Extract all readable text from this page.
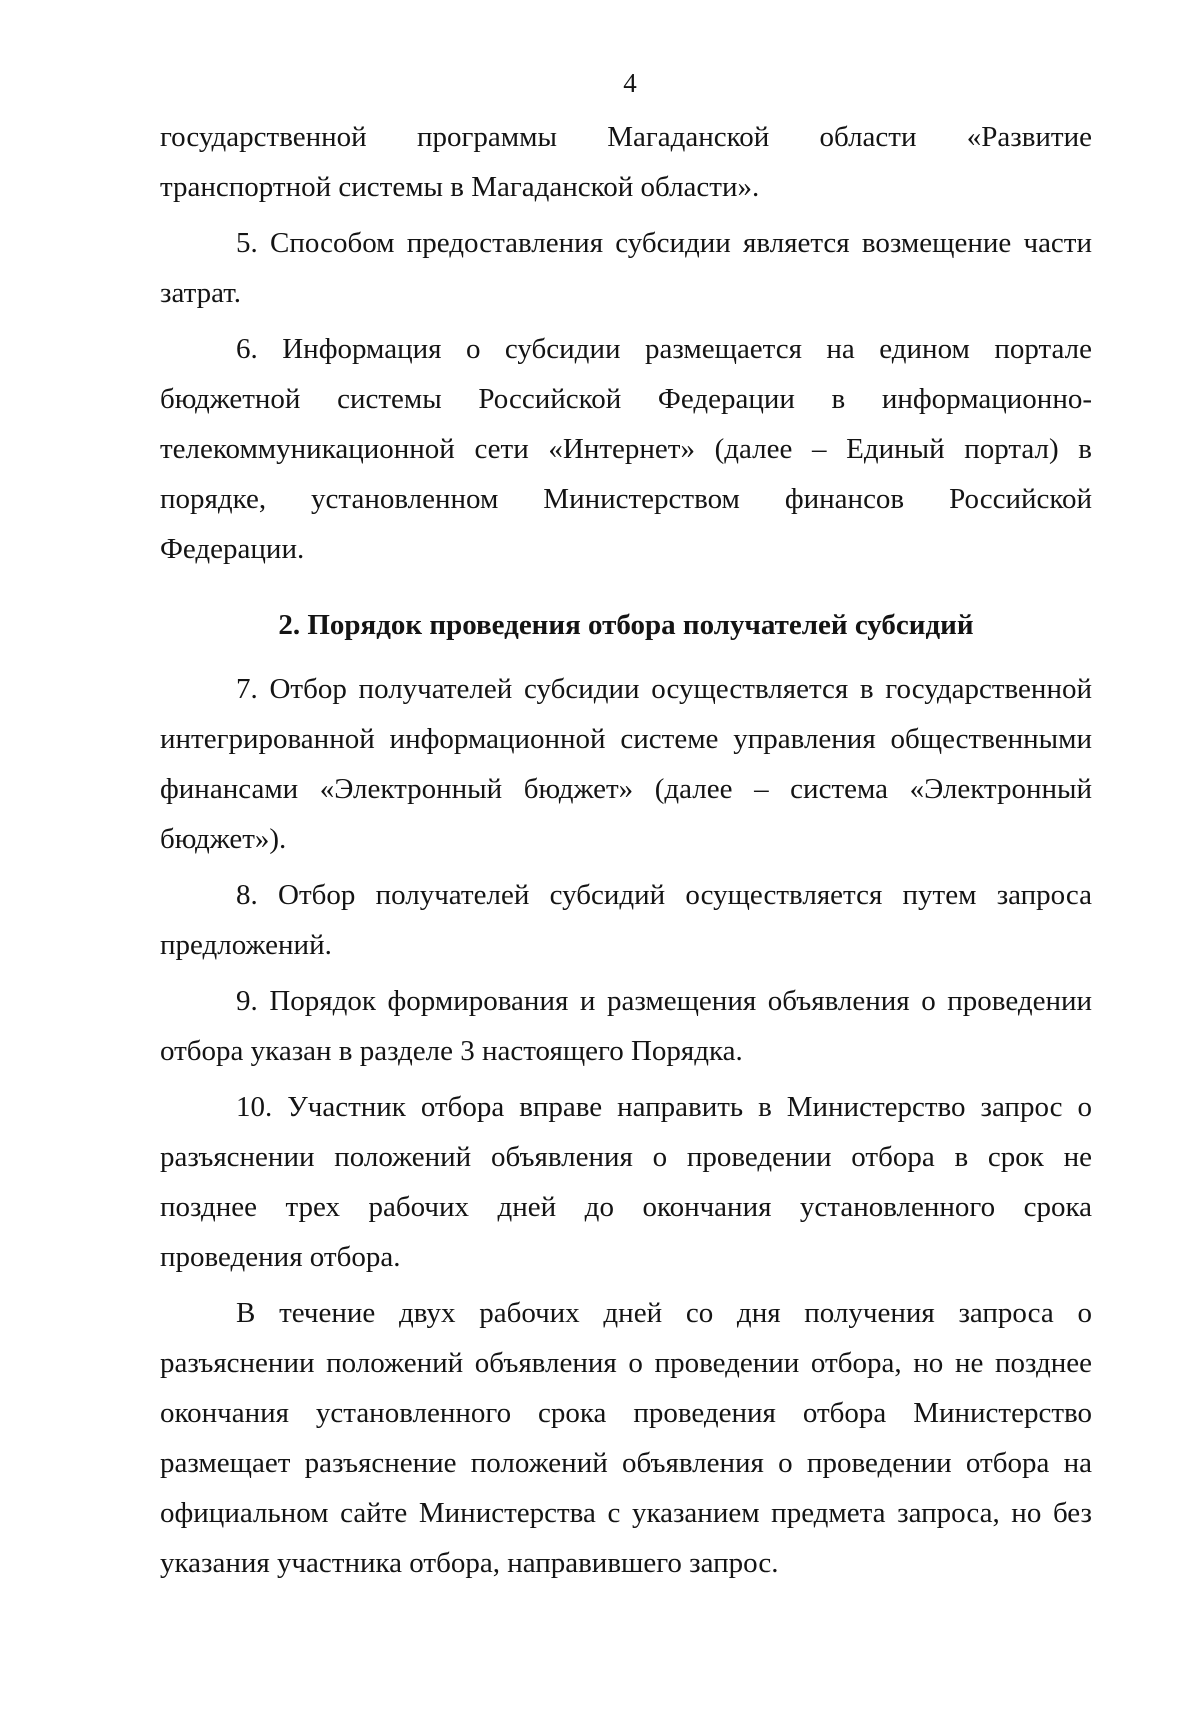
4

государственной программы Магаданской области «Развитие транспортной системы в Магаданской области».

5. Способом предоставления субсидии является возмещение части затрат.

6. Информация о субсидии размещается на едином портале бюджетной системы Российской Федерации в информационно-телекоммуникационной сети «Интернет» (далее – Единый портал) в порядке, установленном Министерством финансов Российской Федерации.

2. Порядок проведения отбора получателей субсидий

7. Отбор получателей субсидии осуществляется в государственной интегрированной информационной системе управления общественными финансами «Электронный бюджет» (далее – система «Электронный бюджет»).

8. Отбор получателей субсидий осуществляется путем запроса предложений.

9. Порядок формирования и размещения объявления о проведении отбора указан в разделе 3 настоящего Порядка.

10. Участник отбора вправе направить в Министерство запрос о разъяснении положений объявления о проведении отбора в срок не позднее трех рабочих дней до окончания установленного срока проведения отбора.

В течение двух рабочих дней со дня получения запроса о разъяснении положений объявления о проведении отбора, но не позднее окончания установленного срока проведения отбора Министерство размещает разъяснение положений объявления о проведении отбора на официальном сайте Министерства с указанием предмета запроса, но без указания участника отбора, направившего запрос.
